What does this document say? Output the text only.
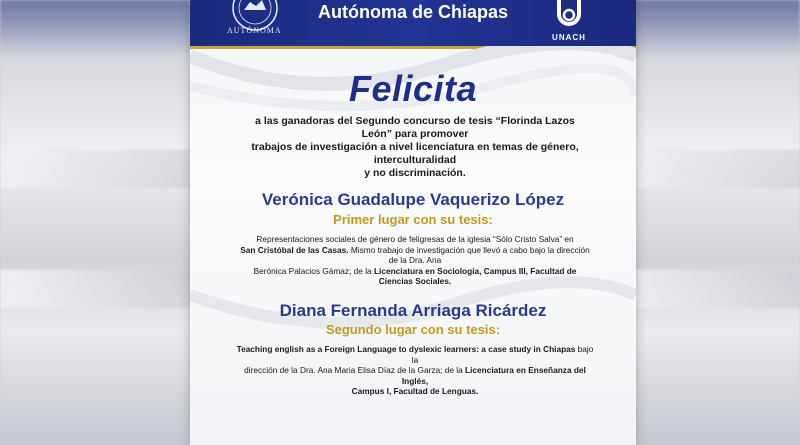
AUTÓNOMA
Autónoma de Chiapas
UNACH
Felicita
a las ganadoras del Segundo concurso de tesis “Florinda Lazos León” para promover
trabajos de investigación a nivel licenciatura en temas de género, interculturalidad
y no discriminación.
Verónica Guadalupe Vaquerizo López
Primer lugar con su tesis:
Representaciones sociales de género de feligresas de la iglesia “Sólo Cristo Salva” en
San Cristóbal de las Casas. Mismo trabajo de investigación que llevó a cabo bajo la dirección de la Dra. Ana
Berónica Palacios Gámaz; de la Licenciatura en Sociología, Campus III, Facultad de Ciencias Sociales.
Diana Fernanda Arriaga Ricárdez
Segundo lugar con su tesis:
Teaching english as a Foreign Language to dyslexic learners: a case study in Chiapas bajo la
dirección de la Dra. Ana Maria Elisa Díaz de la Garza; de la Licenciatura en Enseñanza del Inglés,
Campus I, Facultad de Lenguas.
